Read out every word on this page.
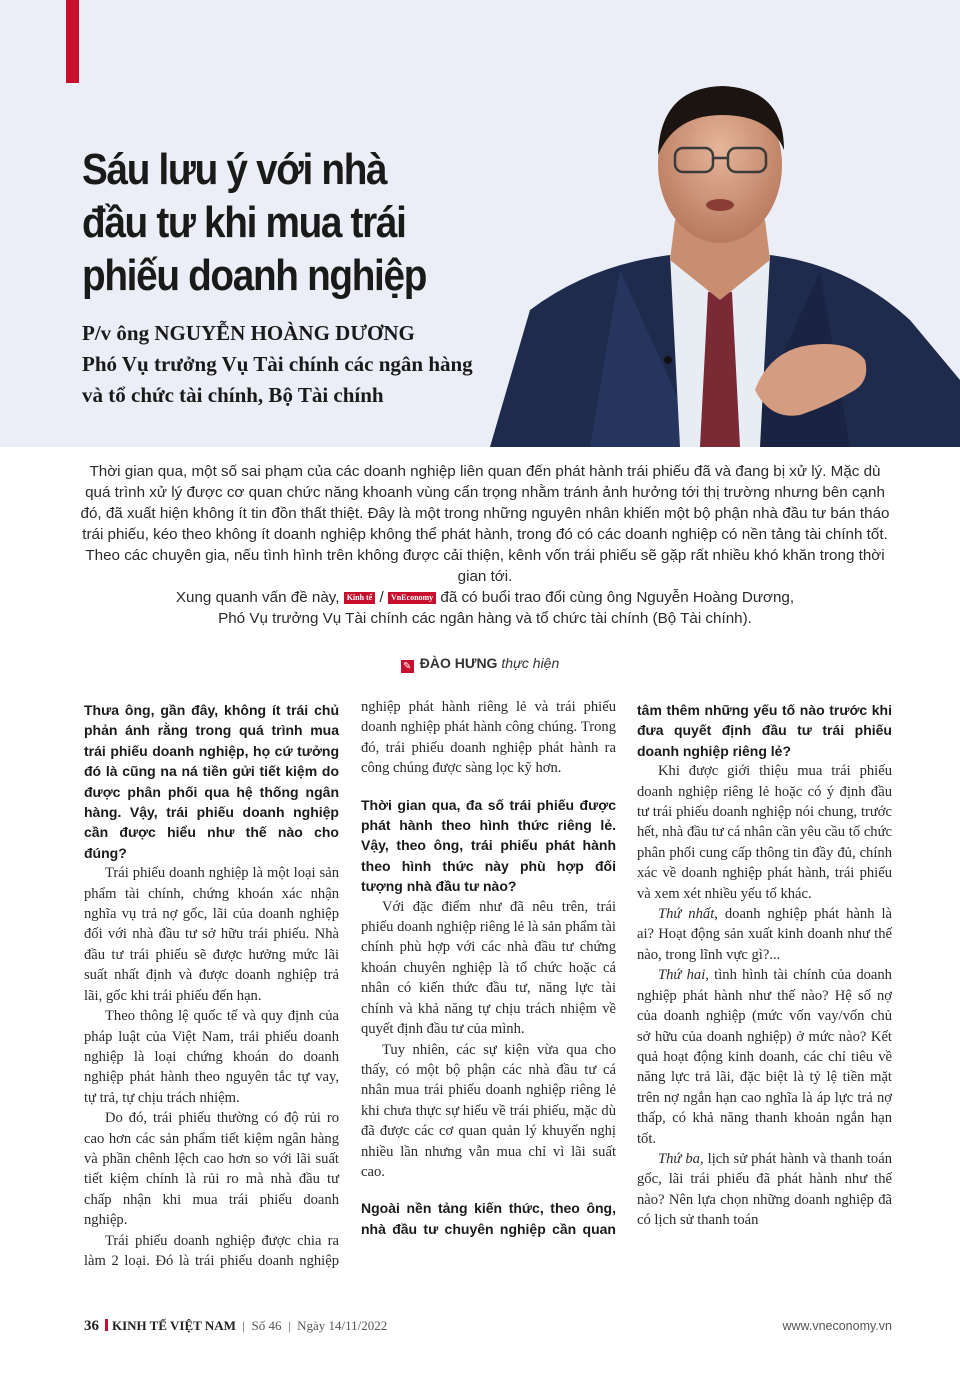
Sáu lưu ý với nhà đầu tư khi mua trái phiếu doanh nghiệp
P/v ông NGUYỄN HOÀNG DƯƠNG
Phó Vụ trưởng Vụ Tài chính các ngân hàng
và tổ chức tài chính, Bộ Tài chính
Thời gian qua, một số sai phạm của các doanh nghiệp liên quan đến phát hành trái phiếu đã và đang bị xử lý. Mặc dù quá trình xử lý được cơ quan chức năng khoanh vùng cẩn trọng nhằm tránh ảnh hưởng tới thị trường nhưng bên cạnh đó, đã xuất hiện không ít tin đồn thất thiệt. Đây là một trong những nguyên nhân khiến một bộ phận nhà đầu tư bán tháo trái phiếu, kéo theo không ít doanh nghiệp không thể phát hành, trong đó có các doanh nghiệp có nền tảng tài chính tốt. Theo các chuyên gia, nếu tình hình trên không được cải thiện, kênh vốn trái phiếu sẽ gặp rất nhiều khó khăn trong thời gian tới.
Xung quanh vấn đề này, Kinh tế / VnEconomy đã có buổi trao đổi cùng ông Nguyễn Hoàng Dương,
Phó Vụ trưởng Vụ Tài chính các ngân hàng và tổ chức tài chính (Bộ Tài chính).
✎ ĐÀO HƯNG thực hiện
Thưa ông, gần đây, không ít trái chủ phản ánh rằng trong quá trình mua trái phiếu doanh nghiệp, họ cứ tưởng đó là cũng na ná tiền gửi tiết kiệm do được phân phối qua hệ thống ngân hàng. Vậy, trái phiếu doanh nghiệp cần được hiểu như thế nào cho đúng?
Trái phiếu doanh nghiệp là một loại sản phẩm tài chính, chứng khoán xác nhận nghĩa vụ trả nợ gốc, lãi của doanh nghiệp đối với nhà đầu tư sở hữu trái phiếu. Nhà đầu tư trái phiếu sẽ được hưởng mức lãi suất nhất định và được doanh nghiệp trả lãi, gốc khi trái phiếu đến hạn.
Theo thông lệ quốc tế và quy định của pháp luật của Việt Nam, trái phiếu doanh nghiệp là loại chứng khoán do doanh nghiệp phát hành theo nguyên tắc tự vay, tự trả, tự chịu trách nhiệm.
Do đó, trái phiếu thường có độ rủi ro cao hơn các sản phẩm tiết kiệm ngân hàng và phần chênh lệch cao hơn so với lãi suất tiết kiệm chính là rủi ro mà nhà đầu tư chấp nhận khi mua trái phiếu doanh nghiệp.
Trái phiếu doanh nghiệp được chia ra làm 2 loại. Đó là trái phiếu doanh nghiệp
nghiệp phát hành riêng lẻ và trái phiếu doanh nghiệp phát hành công chúng. Trong đó, trái phiếu doanh nghiệp phát hành ra công chúng được sàng lọc kỹ hơn.
Thời gian qua, đa số trái phiếu được phát hành theo hình thức riêng lẻ. Vậy, theo ông, trái phiếu phát hành theo hình thức này phù hợp đối tượng nhà đầu tư nào?
Với đặc điểm như đã nêu trên, trái phiếu doanh nghiệp riêng lẻ là sản phẩm tài chính phù hợp với các nhà đầu tư chứng khoán chuyên nghiệp là tổ chức hoặc cá nhân có kiến thức đầu tư, năng lực tài chính và khả năng tự chịu trách nhiệm về quyết định đầu tư của mình.
Tuy nhiên, các sự kiện vừa qua cho thấy, có một bộ phận các nhà đầu tư cá nhân mua trái phiếu doanh nghiệp riêng lẻ khi chưa thực sự hiểu về trái phiếu, mặc dù đã được các cơ quan quản lý khuyến nghị nhiều lần nhưng vẫn mua chỉ vì lãi suất cao.
Ngoài nền tảng kiến thức, theo ông, nhà đầu tư chuyên nghiệp cần quan
tâm thêm những yếu tố nào trước khi đưa quyết định đầu tư trái phiếu doanh nghiệp riêng lẻ?
Khi được giới thiệu mua trái phiếu doanh nghiệp riêng lẻ hoặc có ý định đầu tư trái phiếu doanh nghiệp nói chung, trước hết, nhà đầu tư cá nhân cần yêu cầu tổ chức phân phối cung cấp thông tin đầy đủ, chính xác về doanh nghiệp phát hành, trái phiếu và xem xét nhiều yếu tố khác.
Thứ nhất, doanh nghiệp phát hành là ai? Hoạt động sản xuất kinh doanh như thế nào, trong lĩnh vực gì?...
Thứ hai, tình hình tài chính của doanh nghiệp phát hành như thế nào? Hệ số nợ của doanh nghiệp (mức vốn vay/vốn chủ sở hữu của doanh nghiệp) ở mức nào? Kết quả hoạt động kinh doanh, các chỉ tiêu về năng lực trả lãi, đặc biệt là tỷ lệ tiền mặt trên nợ ngắn hạn cao nghĩa là áp lực trả nợ thấp, có khả năng thanh khoản ngắn hạn tốt.
Thứ ba, lịch sử phát hành và thanh toán gốc, lãi trái phiếu đã phát hành như thế nào? Nên lựa chọn những doanh nghiệp đã có lịch sử thanh toán
36 KINH TẾ VIỆT NAM | Số 46 | Ngày 14/11/2022	www.vneconomy.vn
